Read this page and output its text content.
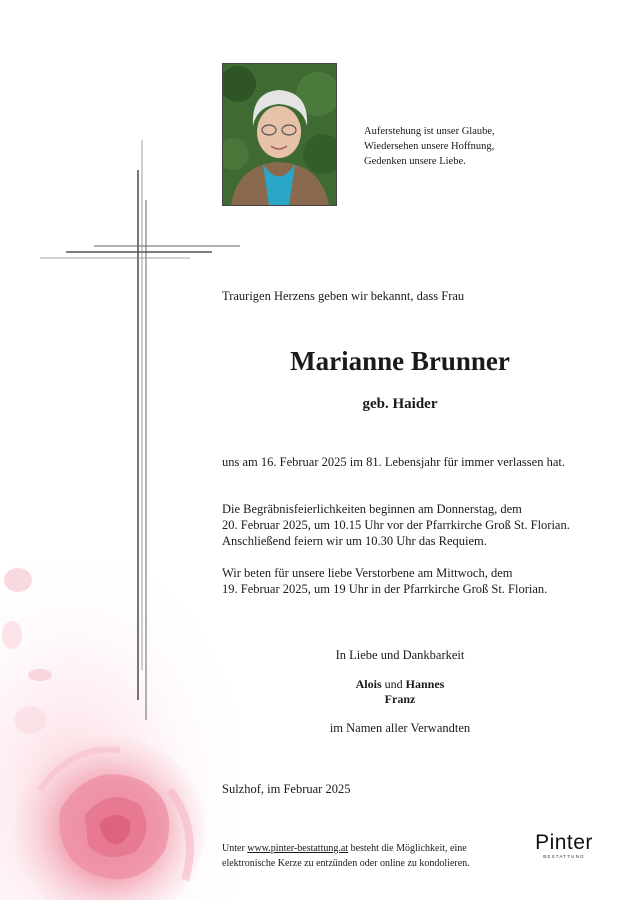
Auferstehung ist unser Glaube,
Wiedersehen unsere Hoffnung,
Gedenken unsere Liebe.
Traurigen Herzens geben wir bekannt, dass Frau
Marianne Brunner
geb. Haider
uns am 16. Februar 2025 im 81. Lebensjahr für immer verlassen hat.
Die Begräbnisfeierlichkeiten beginnen am Donnerstag, dem
20. Februar 2025, um 10.15 Uhr vor der Pfarrkirche Groß St. Florian.
Anschließend feiern wir um 10.30 Uhr das Requiem.
Wir beten für unsere liebe Verstorbene am Mittwoch, dem
19. Februar 2025, um 19 Uhr in der Pfarrkirche Groß St. Florian.
In Liebe und Dankbarkeit
Alois und Hannes
Franz
im Namen aller Verwandten
Sulzhof, im Februar 2025
Unter www.pinter-bestattung.at besteht die Möglichkeit, eine
elektronische Kerze zu entzünden oder online zu kondolieren.
Pinter
BESTATTUNG
